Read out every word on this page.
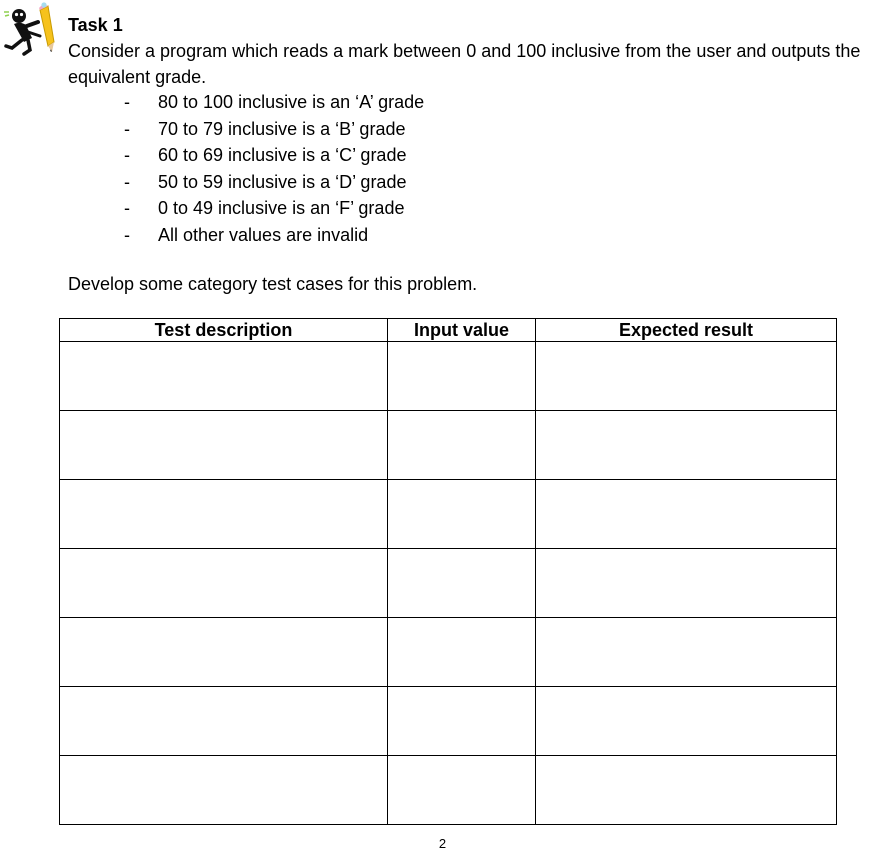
Task 1

Consider a program which reads a mark between 0 and 100 inclusive from the user and outputs the equivalent grade.

- 80 to 100 inclusive is an ‘A’ grade
- 70 to 79 inclusive is a ‘B’ grade
- 60 to 69 inclusive is a ‘C’ grade
- 50 to 59 inclusive is a ‘D’ grade
- 0 to 49 inclusive is an ‘F’ grade
- All other values are invalid

Develop some category test cases for this problem.

Test description	Input value	Expected result

2
